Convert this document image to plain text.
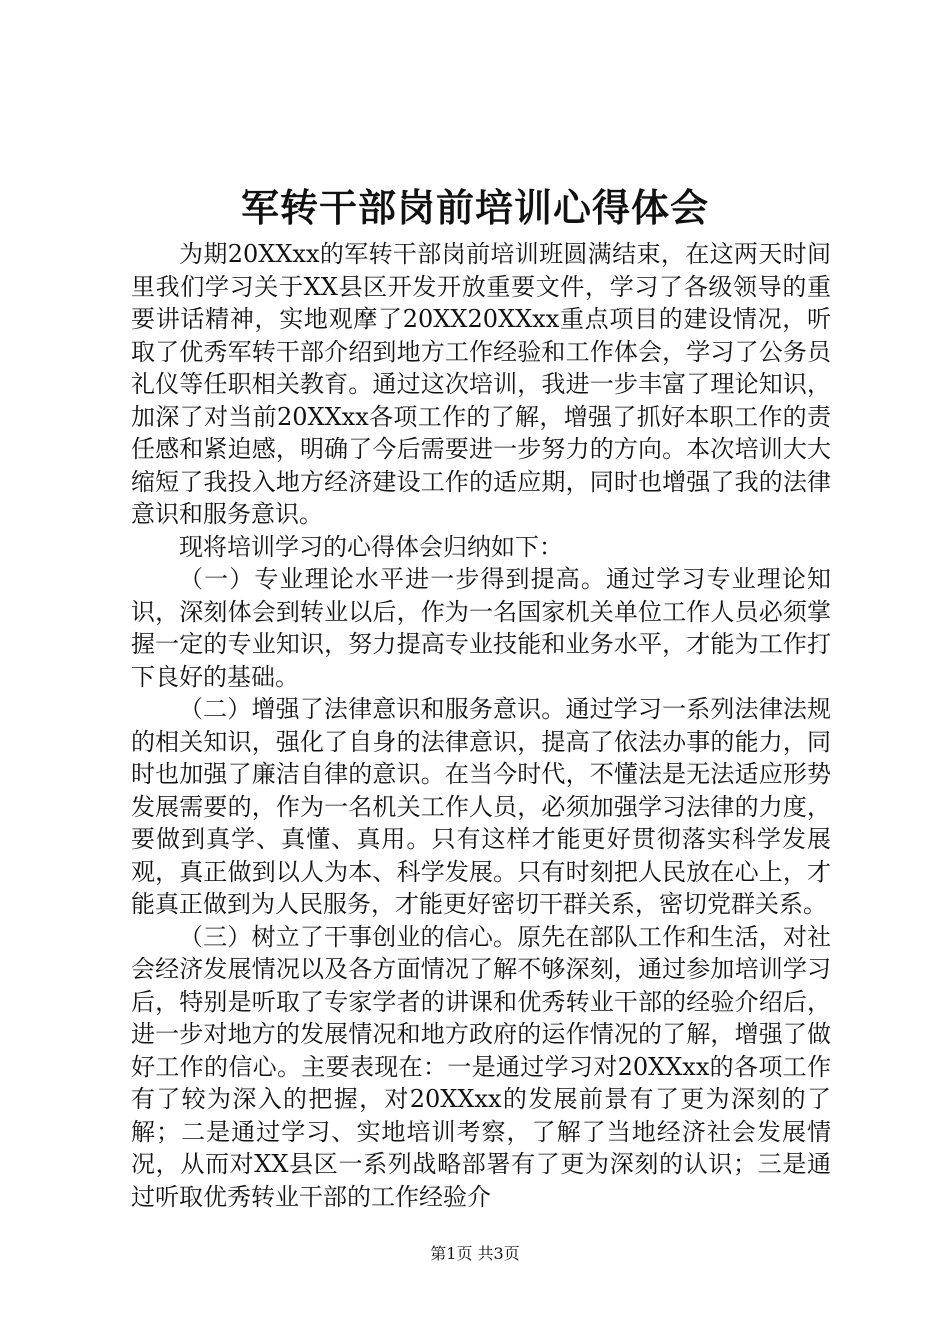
军转干部岗前培训心得体会

为期20XXxx的军转干部岗前培训班圆满结束，在这两天时间里我们学习关于XX县区开发开放重要文件，学习了各级领导的重要讲话精神，实地观摩了20XX20XXxx重点项目的建设情况，听取了优秀军转干部介绍到地方工作经验和工作体会，学习了公务员礼仪等任职相关教育。通过这次培训，我进一步丰富了理论知识，加深了对当前20XXxx各项工作的了解，增强了抓好本职工作的责任感和紧迫感，明确了今后需要进一步努力的方向。本次培训大大缩短了我投入地方经济建设工作的适应期，同时也增强了我的法律意识和服务意识。

现将培训学习的心得体会归纳如下：

（一）专业理论水平进一步得到提高。通过学习专业理论知识，深刻体会到转业以后，作为一名国家机关单位工作人员必须掌握一定的专业知识，努力提高专业技能和业务水平，才能为工作打下良好的基础。

（二）增强了法律意识和服务意识。通过学习一系列法律法规的相关知识，强化了自身的法律意识，提高了依法办事的能力，同时也加强了廉洁自律的意识。在当今时代，不懂法是无法适应形势发展需要的，作为一名机关工作人员，必须加强学习法律的力度，要做到真学、真懂、真用。只有这样才能更好贯彻落实科学发展观，真正做到以人为本、科学发展。只有时刻把人民放在心上，才能真正做到为人民服务，才能更好密切干群关系，密切党群关系。

（三）树立了干事创业的信心。原先在部队工作和生活，对社会经济发展情况以及各方面情况了解不够深刻，通过参加培训学习后，特别是听取了专家学者的讲课和优秀转业干部的经验介绍后，进一步对地方的发展情况和地方政府的运作情况的了解，增强了做好工作的信心。主要表现在：一是通过学习对20XXxx的各项工作有了较为深入的把握，对20XXxx的发展前景有了更为深刻的了解；二是通过学习、实地培训考察，了解了当地经济社会发展情况，从而对XX县区一系列战略部署有了更为深刻的认识；三是通过听取优秀转业干部的工作经验介

第1页 共3页
